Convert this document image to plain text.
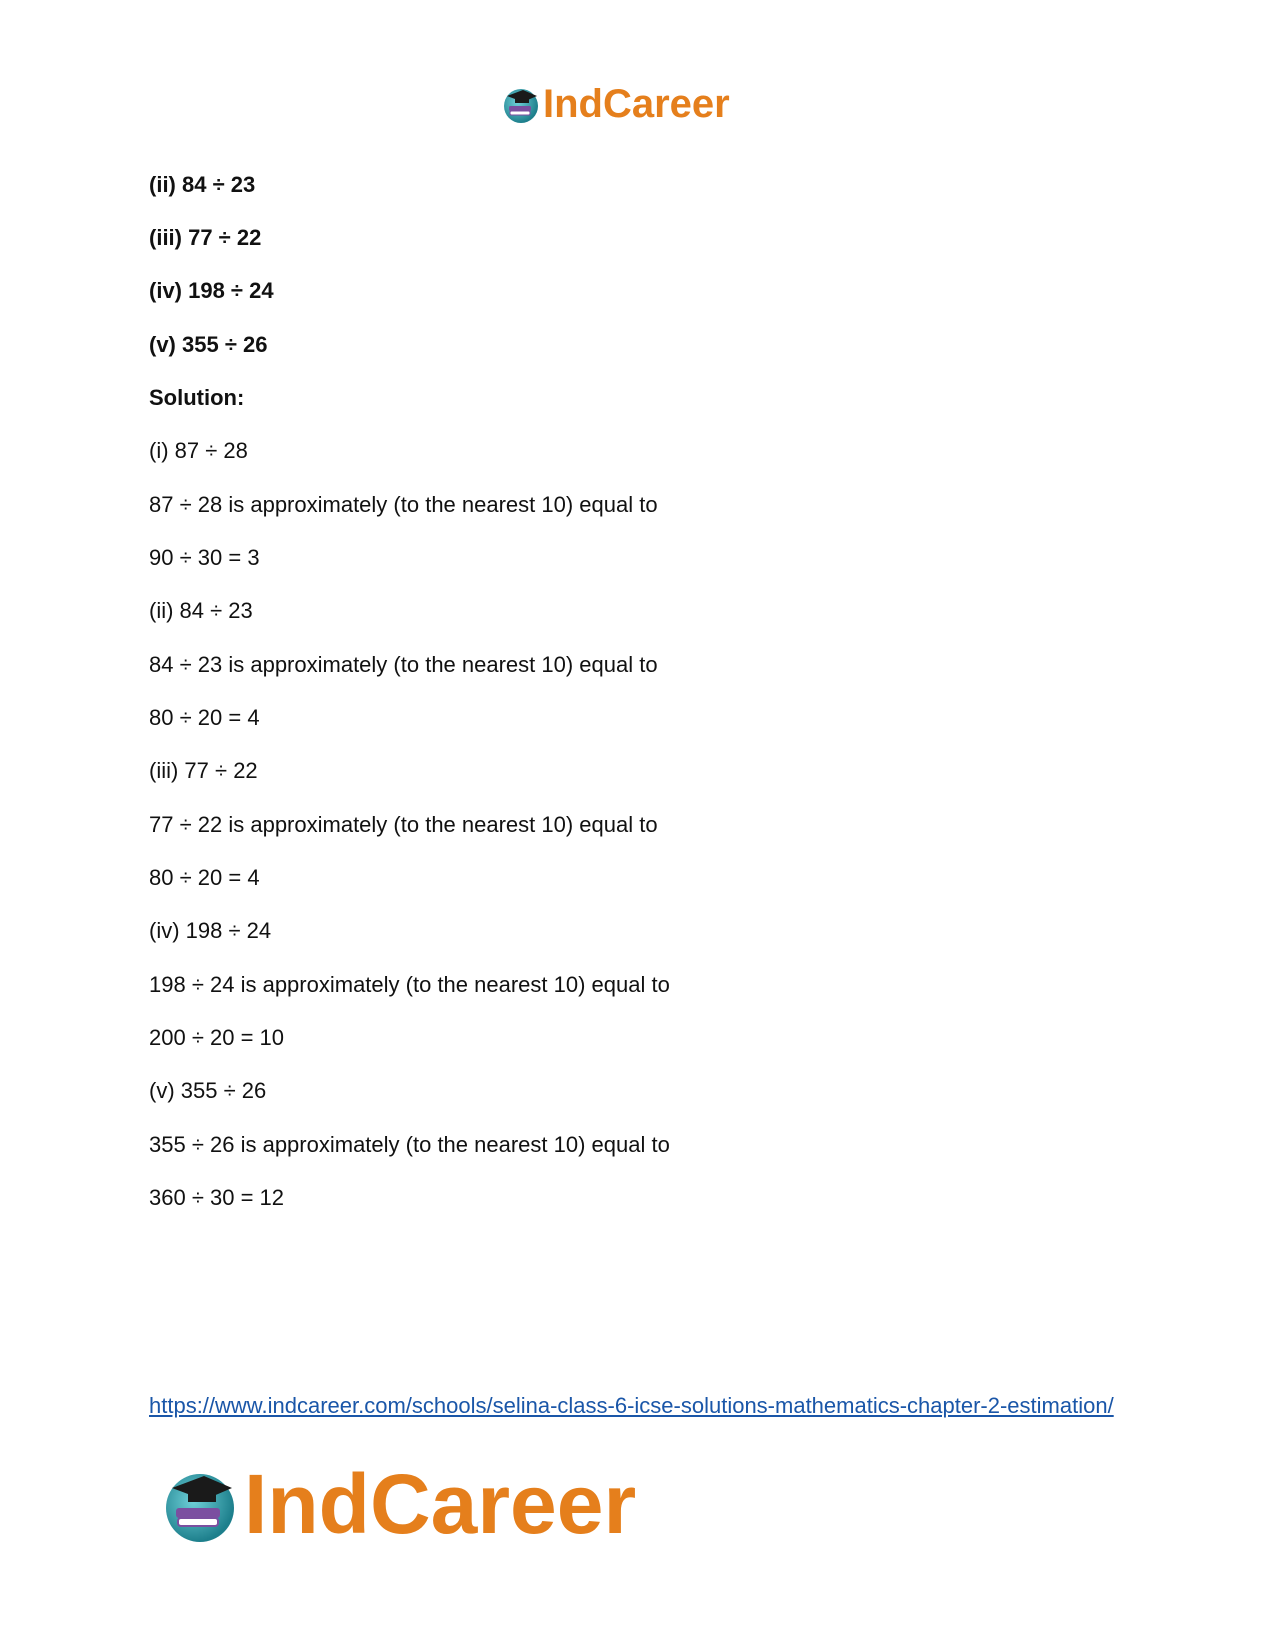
IndCareer
(ii) 84 ÷ 23
(iii) 77 ÷ 22
(iv) 198 ÷ 24
(v) 355 ÷ 26
Solution:
(i) 87 ÷ 28
87 ÷ 28 is approximately (to the nearest 10) equal to
90 ÷ 30 = 3
(ii) 84 ÷ 23
84 ÷ 23 is approximately (to the nearest 10) equal to
80 ÷ 20 = 4
(iii) 77 ÷ 22
77 ÷ 22 is approximately (to the nearest 10) equal to
80 ÷ 20 = 4
(iv) 198 ÷ 24
198 ÷ 24 is approximately (to the nearest 10) equal to
200 ÷ 20 = 10
(v) 355 ÷ 26
355 ÷ 26 is approximately (to the nearest 10) equal to
360 ÷ 30 = 12
https://www.indcareer.com/schools/selina-class-6-icse-solutions-mathematics-chapter-2-estimation/
IndCareer
